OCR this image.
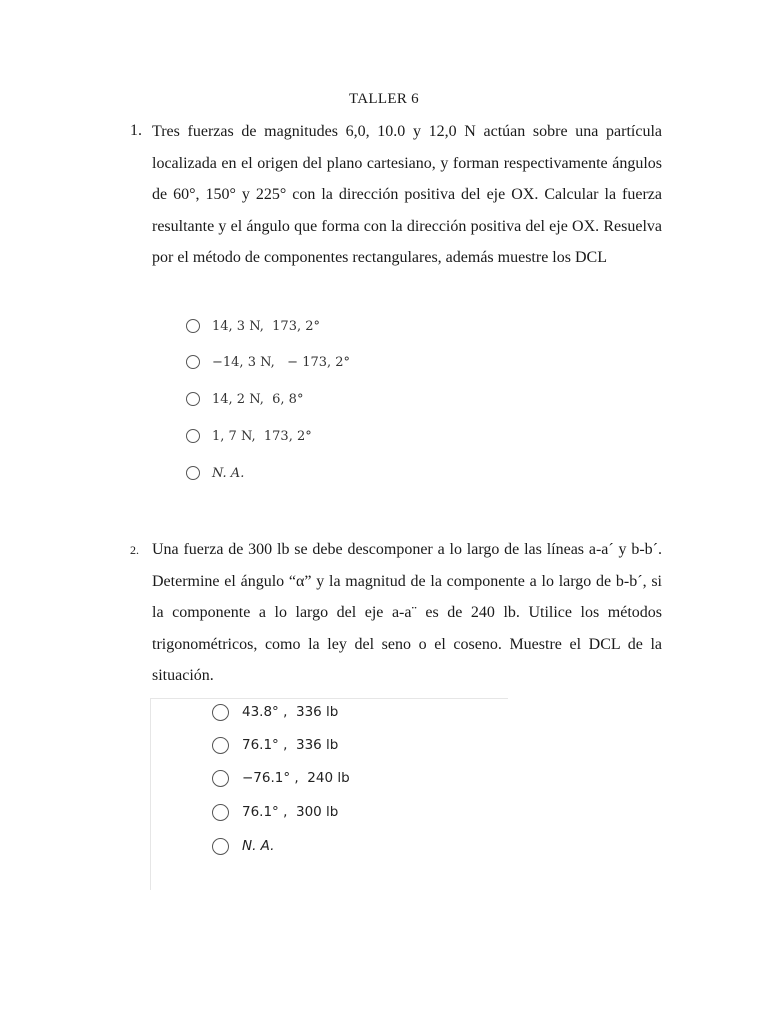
TALLER 6
1. Tres fuerzas de magnitudes 6,0, 10.0 y 12,0 N actúan sobre una partícula localizada en el origen del plano cartesiano, y forman respectivamente ángulos de 60°, 150° y 225° con la dirección positiva del eje OX. Calcular la fuerza resultante y el ángulo que forma con la dirección positiva del eje OX. Resuelva por el método de componentes rectangulares, además muestre los DCL
14, 3 N,  173, 2°
−14, 3 N,   − 173, 2°
14, 2 N,  6, 8°
1, 7 N,  173, 2°
N. A.
2. Una fuerza de 300 lb se debe descomponer a lo largo de las líneas a-a´ y b-b´. Determine el ángulo “α” y la magnitud de la componente a lo largo de b-b´, si la componente a lo largo del eje a-a¨ es de 240 lb. Utilice los métodos trigonométricos, como la ley del seno o el coseno. Muestre el DCL de la situación.
43.8° ,  336 lb
76.1° ,  336 lb
−76.1° ,  240 lb
76.1° ,  300 lb
N. A.
